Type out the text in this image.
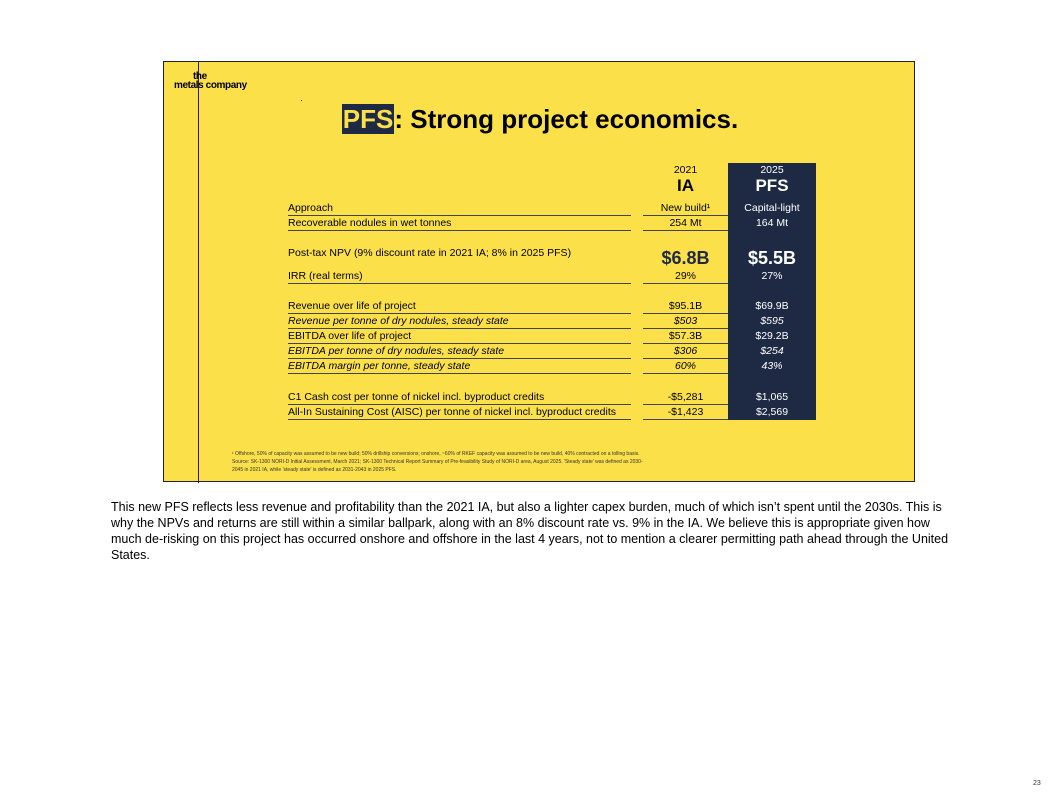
the
metals company
PFS: Strong project economics.
2021
IA
2025
PFS
Approach	New build¹	Capital-light
Recoverable nodules in wet tonnes	254 Mt	164 Mt
Post-tax NPV (9% discount rate in 2021 IA; 8% in 2025 PFS)	$6.8B	$5.5B
IRR (real terms)	29%	27%
Revenue over life of project	$95.1B	$69.9B
Revenue per tonne of dry nodules, steady state	$503	$595
EBITDA over life of project	$57.3B	$29.2B
EBITDA per tonne of dry nodules, steady state	$306	$254
EBITDA margin per tonne, steady state	60%	43%
C1 Cash cost per tonne of nickel incl. byproduct credits	-$5,281	$1,065
All-In Sustaining Cost (AISC) per tonne of nickel incl. byproduct credits	-$1,423	$2,569
¹ Offshore, 50% of capacity was assumed to be new build; 50% drillship conversions; onshore, ~60% of RKEF capacity was assumed to be new build, 40% contracted on a tolling basis.
Source: SK-1300 NORI-D Initial Assessment, March 2021; SK-1300 Technical Report Summary of Pre-feasibility Study of NORI-D area, August 2025. 'Steady state' was defined as 2030-
2045 in 2021 IA, while 'steady state' is defined as 2031-2043 in 2025 PFS.
This new PFS reflects less revenue and profitability than the 2021 IA, but also a lighter capex burden, much of which isn’t spent until the 2030s. This is why the NPVs and returns are still within a similar ballpark, along with an 8% discount rate vs. 9% in the IA. We believe this is appropriate given how much de-risking on this project has occurred onshore and offshore in the last 4 years, not to mention a clearer permitting path ahead through the United States.
23
